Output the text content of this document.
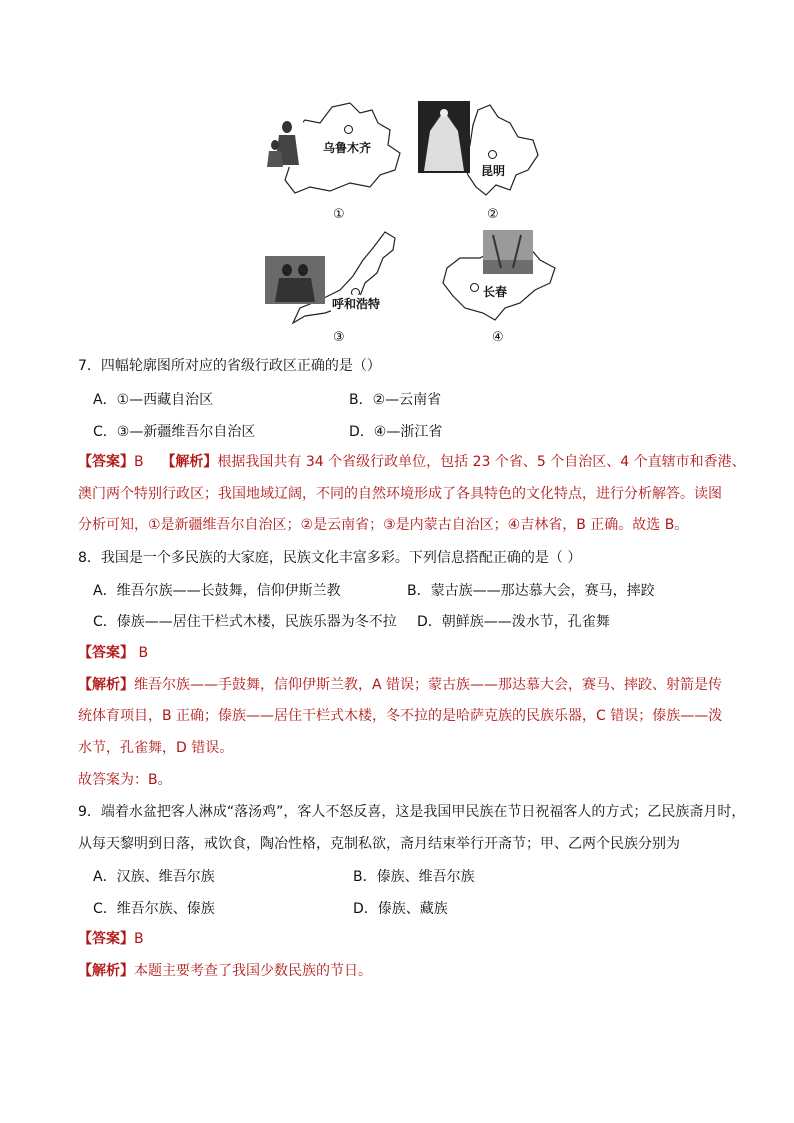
乌鲁木齐
①
昆明
②
呼和浩特
③
长春
④
7．四幅轮廓图所对应的省级行政区正确的是（）
A．①—西藏自治区	B．②—云南省
C．③—新疆维吾尔自治区	D．④—浙江省
【答案】B 【解析】根据我国共有 34 个省级行政单位，包括 23 个省、5 个自治区、4 个直辖市和香港、
澳门两个特别行政区；我国地域辽阔，不同的自然环境形成了各具特色的文化特点，进行分析解答。读图
分析可知，①是新疆维吾尔自治区；②是云南省；③是内蒙古自治区；④吉林省，B 正确。故选 B。
8．我国是一个多民族的大家庭，民族文化丰富多彩。下列信息搭配正确的是（ ）
A．维吾尔族——长鼓舞，信仰伊斯兰教	B．蒙古族——那达慕大会，赛马，摔跤
C．傣族——居住干栏式木楼，民族乐器为冬不拉 D．朝鲜族——泼水节，孔雀舞
【答案】 B
【解析】维吾尔族——手鼓舞，信仰伊斯兰教，A 错误；蒙古族——那达慕大会，赛马、摔跤、射箭是传
统体育项目，B 正确；傣族——居住干栏式木楼，冬不拉的是哈萨克族的民族乐器，C 错误；傣族——泼
水节，孔雀舞，D 错误。
故答案为：B。
9．端着水盆把客人淋成“落汤鸡”，客人不怒反喜，这是我国甲民族在节日祝福客人的方式；乙民族斋月时，
从每天黎明到日落，戒饮食，陶冶性格，克制私欲，斋月结束举行开斋节；甲、乙两个民族分别为
A．汉族、维吾尔族	B．傣族、维吾尔族
C．维吾尔族、傣族	D．傣族、藏族
【答案】B
【解析】本题主要考查了我国少数民族的节日。
